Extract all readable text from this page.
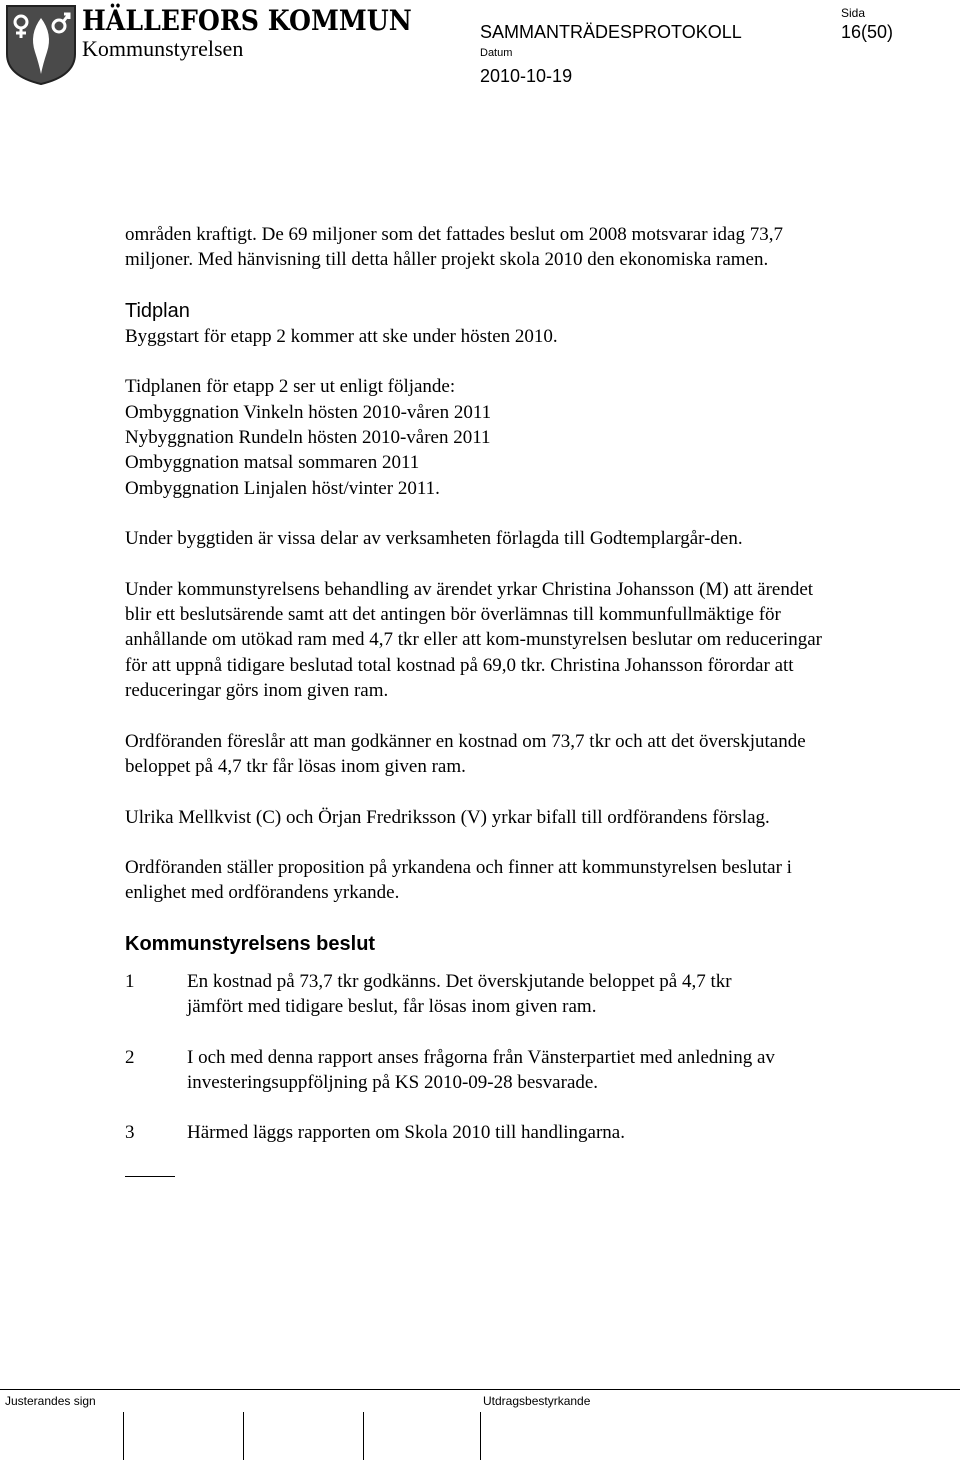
HÄLLEFORS KOMMUN
Kommunstyrelsen
SAMMANTRÄDESPROTOKOLL
Datum
2010-10-19
Sida
16(50)

områden kraftigt. De 69 miljoner som det fattades beslut om 2008 motsvarar idag 73,7 miljoner. Med hänvisning till detta håller projekt skola 2010 den ekonomiska ramen.

Tidplan

Byggstart för etapp 2 kommer att ske under hösten 2010.

Tidplanen för etapp 2 ser ut enligt följande:
Ombyggnation Vinkeln hösten 2010-våren 2011
Nybyggnation Rundeln hösten 2010-våren 2011
Ombyggnation matsal sommaren 2011

Ombyggnation Linjalen höst/vinter 2011.

Under byggtiden är vissa delar av verksamheten förlagda till Godtemplargår-den.

Under kommunstyrelsens behandling av ärendet yrkar Christina Johansson (M) att ärendet blir ett beslutsärende samt att det antingen bör överlämnas till kommunfullmäktige för anhållande om utökad ram med 4,7 tkr eller att kom-munstyrelsen beslutar om reduceringar för att uppnå tidigare beslutad total kostnad på 69,0 tkr. Christina Johansson förordar att reduceringar görs inom given ram.

Ordföranden föreslår att man godkänner en kostnad om 73,7 tkr och att det överskjutande beloppet på 4,7 tkr får lösas inom given ram.

Ulrika Mellkvist (C) och Örjan Fredriksson (V) yrkar bifall till ordförandens förslag.

Ordföranden ställer proposition på yrkandena och finner att kommunstyrelsen beslutar i enlighet med ordförandens yrkande.

Kommunstyrelsens beslut
1	En kostnad på 73,7 tkr godkänns. Det överskjutande beloppet på 4,7 tkr jämfört med tidigare beslut, får lösas inom given ram.
2	I och med denna rapport anses frågorna från Vänsterpartiet med anledning av investeringsuppföljning på KS 2010-09-28 besvarade.
3	Härmed läggs rapporten om Skola 2010 till handlingarna.
Justerandes sign	Utdragsbestyrkande
